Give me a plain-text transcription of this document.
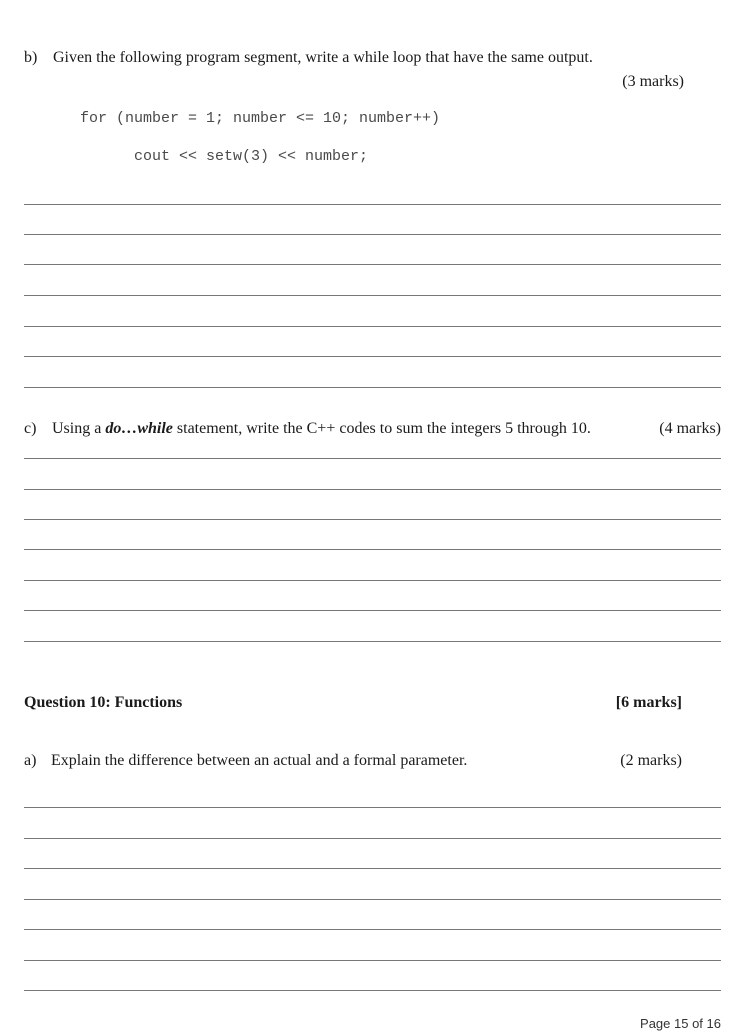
b) Given the following program segment, write a while loop that have the same output.
(3 marks)
for (number = 1; number <= 10; number++)
cout << setw(3) << number;
c) Using a do…while statement, write the C++ codes to sum the integers 5 through 10.	(4 marks)
Question 10: Functions	[6 marks]
a) Explain the difference between an actual and a formal parameter.	(2 marks)
Page 15 of 16
